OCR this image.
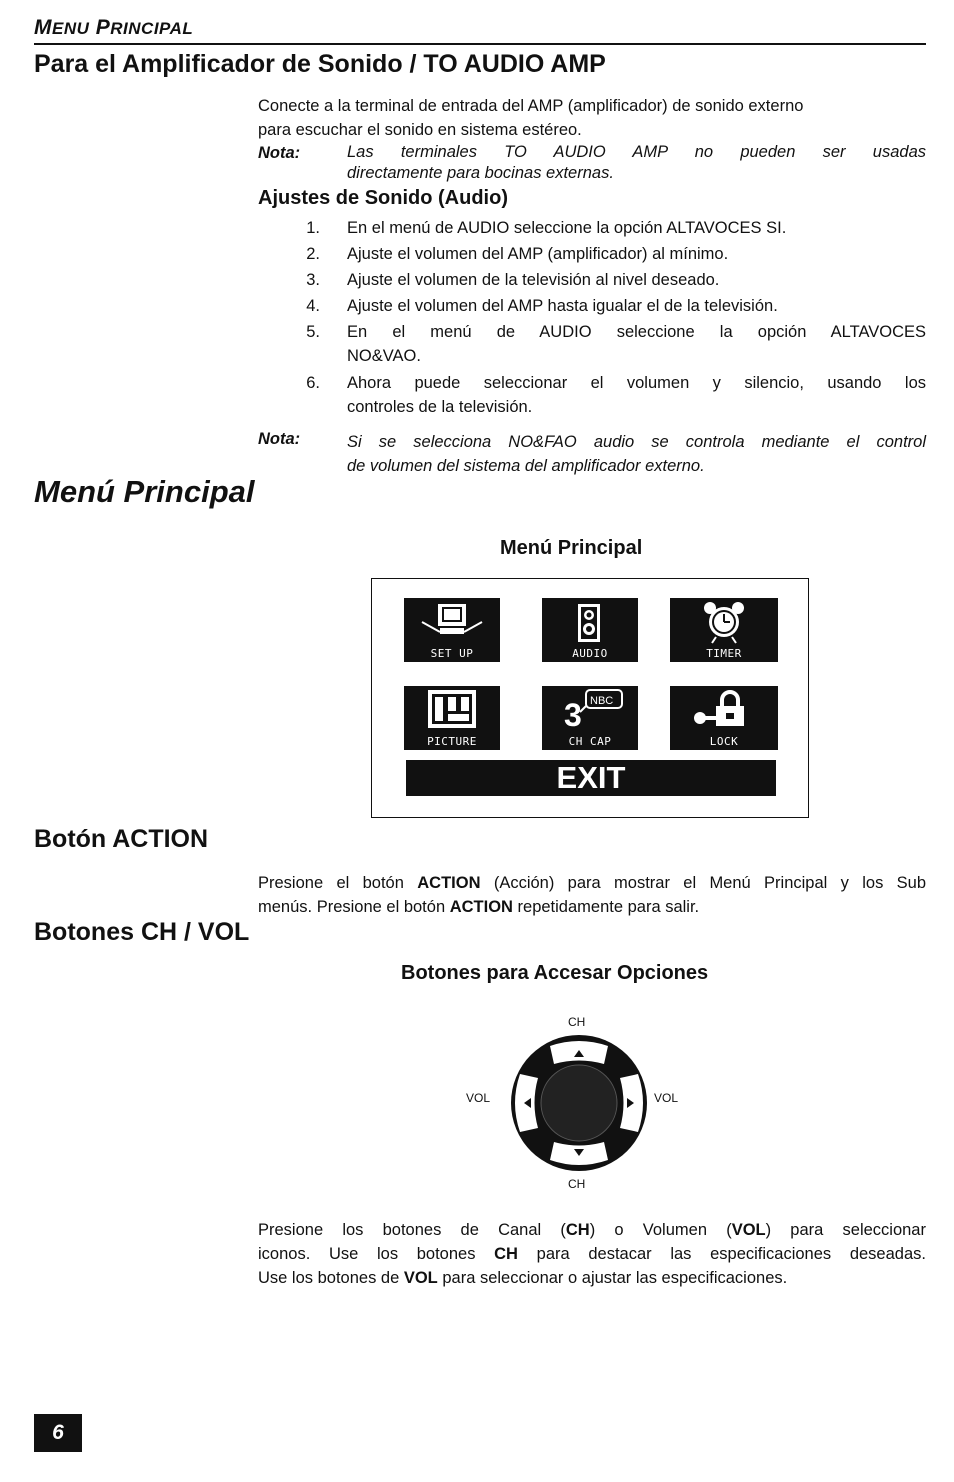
MENU PRINCIPAL
Para el Amplificador de Sonido / TO AUDIO AMP
Conecte a la terminal de entrada del AMP (amplificador) de sonido externo
para escuchar el sonido en sistema estéreo.
Nota:	Las terminales TO AUDIO AMP no pueden ser usadas
directamente para bocinas externas.
Ajustes de Sonido (Audio)
1. En el menú de AUDIO seleccione la opción ALTAVOCES SI.
2. Ajuste el volumen del AMP (amplificador) al mínimo.
3. Ajuste el volumen de la televisión al nivel deseado.
4. Ajuste el volumen del AMP hasta igualar el de la televisión.
5. En el menú de AUDIO seleccione la opción ALTAVOCES
NO&VAO.
6. Ahora puede seleccionar el volumen y silencio, usando los
controles de la televisión.
Nota:	Si se selecciona NO&FAO audio se controla mediante el control
de volumen del sistema del amplificador externo.
Menú Principal
Menú Principal
SET UP	AUDIO	TIMER
PICTURE
3 NBC
CH CAP	LOCK
EXIT
Botón ACTION
Presione el botón ACTION (Acción) para mostrar el Menú Principal y los Sub
menús. Presione el botón ACTION repetidamente para salir.
Botones CH / VOL
Botones para Accesar Opciones
CH
CH
VOL	VOL
Presione los botones de Canal (CH) o Volumen (VOL) para seleccionar
iconos. Use los botones CH para destacar las especificaciones deseadas.
Use los botones de VOL para seleccionar o ajustar las especificaciones.
6
